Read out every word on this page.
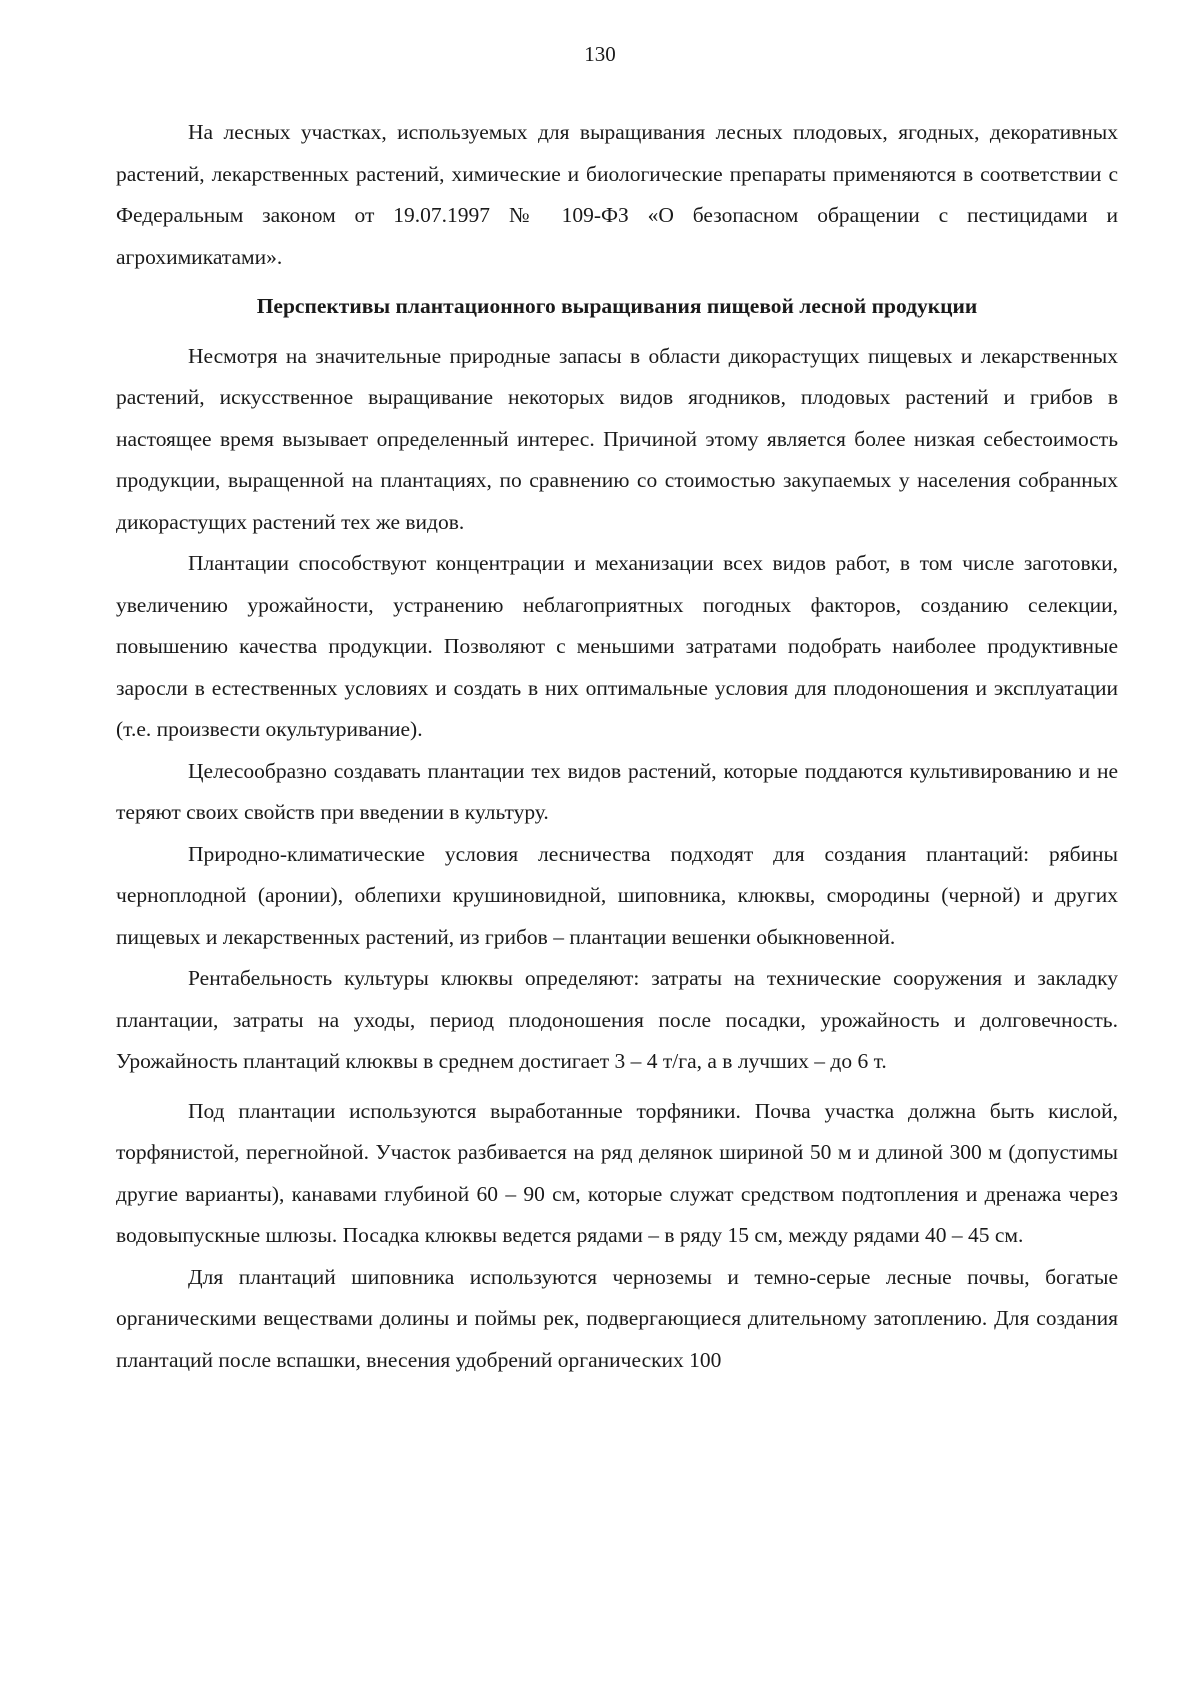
130

На лесных участках, используемых для выращивания лесных плодовых, ягодных, декоративных растений, лекарственных растений, химические и биологические препараты применяются в соответствии с Федеральным законом от 19.07.1997 № 109-ФЗ «О безопасном обращении с пестицидами и агрохимикатами».

Перспективы плантационного выращивания пищевой лесной продукции

Несмотря на значительные природные запасы в области дикорастущих пищевых и лекарственных растений, искусственное выращивание некоторых видов ягодников, плодовых растений и грибов в настоящее время вызывает определенный интерес. Причиной этому является более низкая себестоимость продукции, выращенной на плантациях, по сравнению со стоимостью закупаемых у населения собранных дикорастущих растений тех же видов.

Плантации способствуют концентрации и механизации всех видов работ, в том числе заготовки, увеличению урожайности, устранению неблагоприятных погодных факторов, созданию селекции, повышению качества продукции. Позволяют с меньшими затратами подобрать наиболее продуктивные заросли в естественных условиях и создать в них оптимальные условия для плодоношения и эксплуатации (т.е. произвести окультуривание).

Целесообразно создавать плантации тех видов растений, которые поддаются культивированию и не теряют своих свойств при введении в культуру.

Природно-климатические условия лесничества подходят для создания плантаций: рябины черноплодной (аронии), облепихи крушиновидной, шиповника, клюквы, смородины (черной) и других пищевых и лекарственных растений, из грибов – плантации вешенки обыкновенной.

Рентабельность культуры клюквы определяют: затраты на технические сооружения и закладку плантации, затраты на уходы, период плодоношения после посадки, урожайность и долговечность. Урожайность плантаций клюквы в среднем достигает 3 – 4 т/га, а в лучших – до 6 т.

Под плантации используются выработанные торфяники. Почва участка должна быть кислой, торфянистой, перегнойной. Участок разбивается на ряд делянок шириной 50 м и длиной 300 м (допустимы другие варианты), канавами глубиной 60 – 90 см, которые служат средством подтопления и дренажа через водовыпускные шлюзы. Посадка клюквы ведется рядами – в ряду 15 см, между рядами 40 – 45 см.

Для плантаций шиповника используются черноземы и темно-серые лесные почвы, богатые органическими веществами долины и поймы рек, подвергающиеся длительному затоплению. Для создания плантаций после вспашки, внесения удобрений органических 100
